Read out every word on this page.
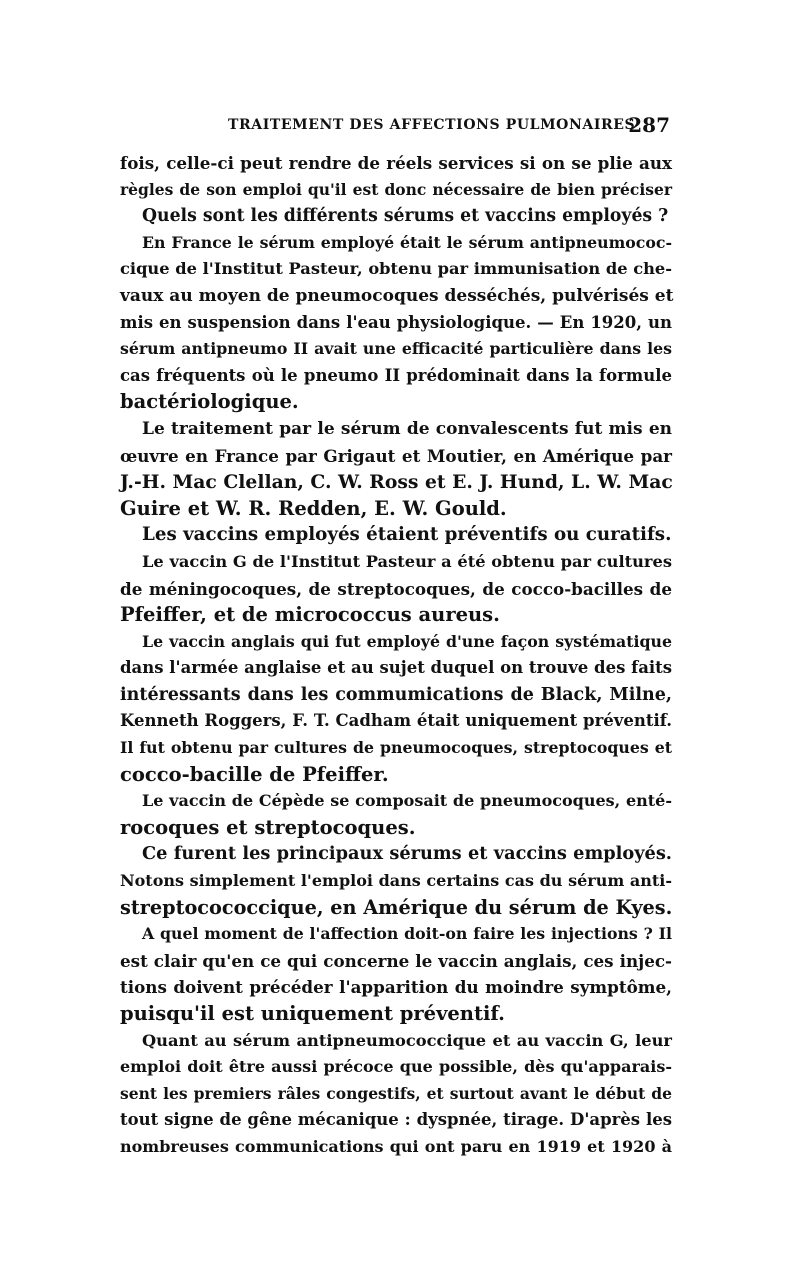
TRAITEMENT DES AFFECTIONS PULMONAIRES
287
fois, celle-ci peut rendre de réels services si on se plie aux
règles de son emploi qu'il est donc nécessaire de bien préciser
Quels sont les différents sérums et vaccins employés ?
En France le sérum employé était le sérum antipneumococ-
cique de l'Institut Pasteur, obtenu par immunisation de che-
vaux au moyen de pneumocoques desséchés, pulvérisés et
mis en suspension dans l'eau physiologique. — En 1920, un
sérum antipneumo II avait une efficacité particulière dans les
cas fréquents où le pneumo II prédominait dans la formule
bactériologique.
Le traitement par le sérum de convalescents fut mis en
œuvre en France par Grigaut et Moutier, en Amérique par
J.-H. Mac Clellan, C. W. Ross et E. J. Hund, L. W. Mac
Guire et W. R. Redden, E. W. Gould.
Les vaccins employés étaient préventifs ou curatifs.
Le vaccin G de l'Institut Pasteur a été obtenu par cultures
de méningocoques, de streptocoques, de cocco-bacilles de
Pfeiffer, et de micrococcus aureus.
Le vaccin anglais qui fut employé d'une façon systématique
dans l'armée anglaise et au sujet duquel on trouve des faits
intéressants dans les commumications de Black, Milne,
Kenneth Roggers, F. T. Cadham était uniquement préventif.
Il fut obtenu par cultures de pneumocoques, streptocoques et
cocco-bacille de Pfeiffer.
Le vaccin de Cépède se composait de pneumocoques, enté-
rocoques et streptocoques.
Ce furent les principaux sérums et vaccins employés.
Notons simplement l'emploi dans certains cas du sérum anti-
streptocococcique, en Amérique du sérum de Kyes.
A quel moment de l'affection doit-on faire les injections ? Il
est clair qu'en ce qui concerne le vaccin anglais, ces injec-
tions doivent précéder l'apparition du moindre symptôme,
puisqu'il est uniquement préventif.
Quant au sérum antipneumococcique et au vaccin G, leur
emploi doit être aussi précoce que possible, dès qu'apparais-
sent les premiers râles congestifs, et surtout avant le début de
tout signe de gêne mécanique : dyspnée, tirage. D'après les
nombreuses communications qui ont paru en 1919 et 1920 à
